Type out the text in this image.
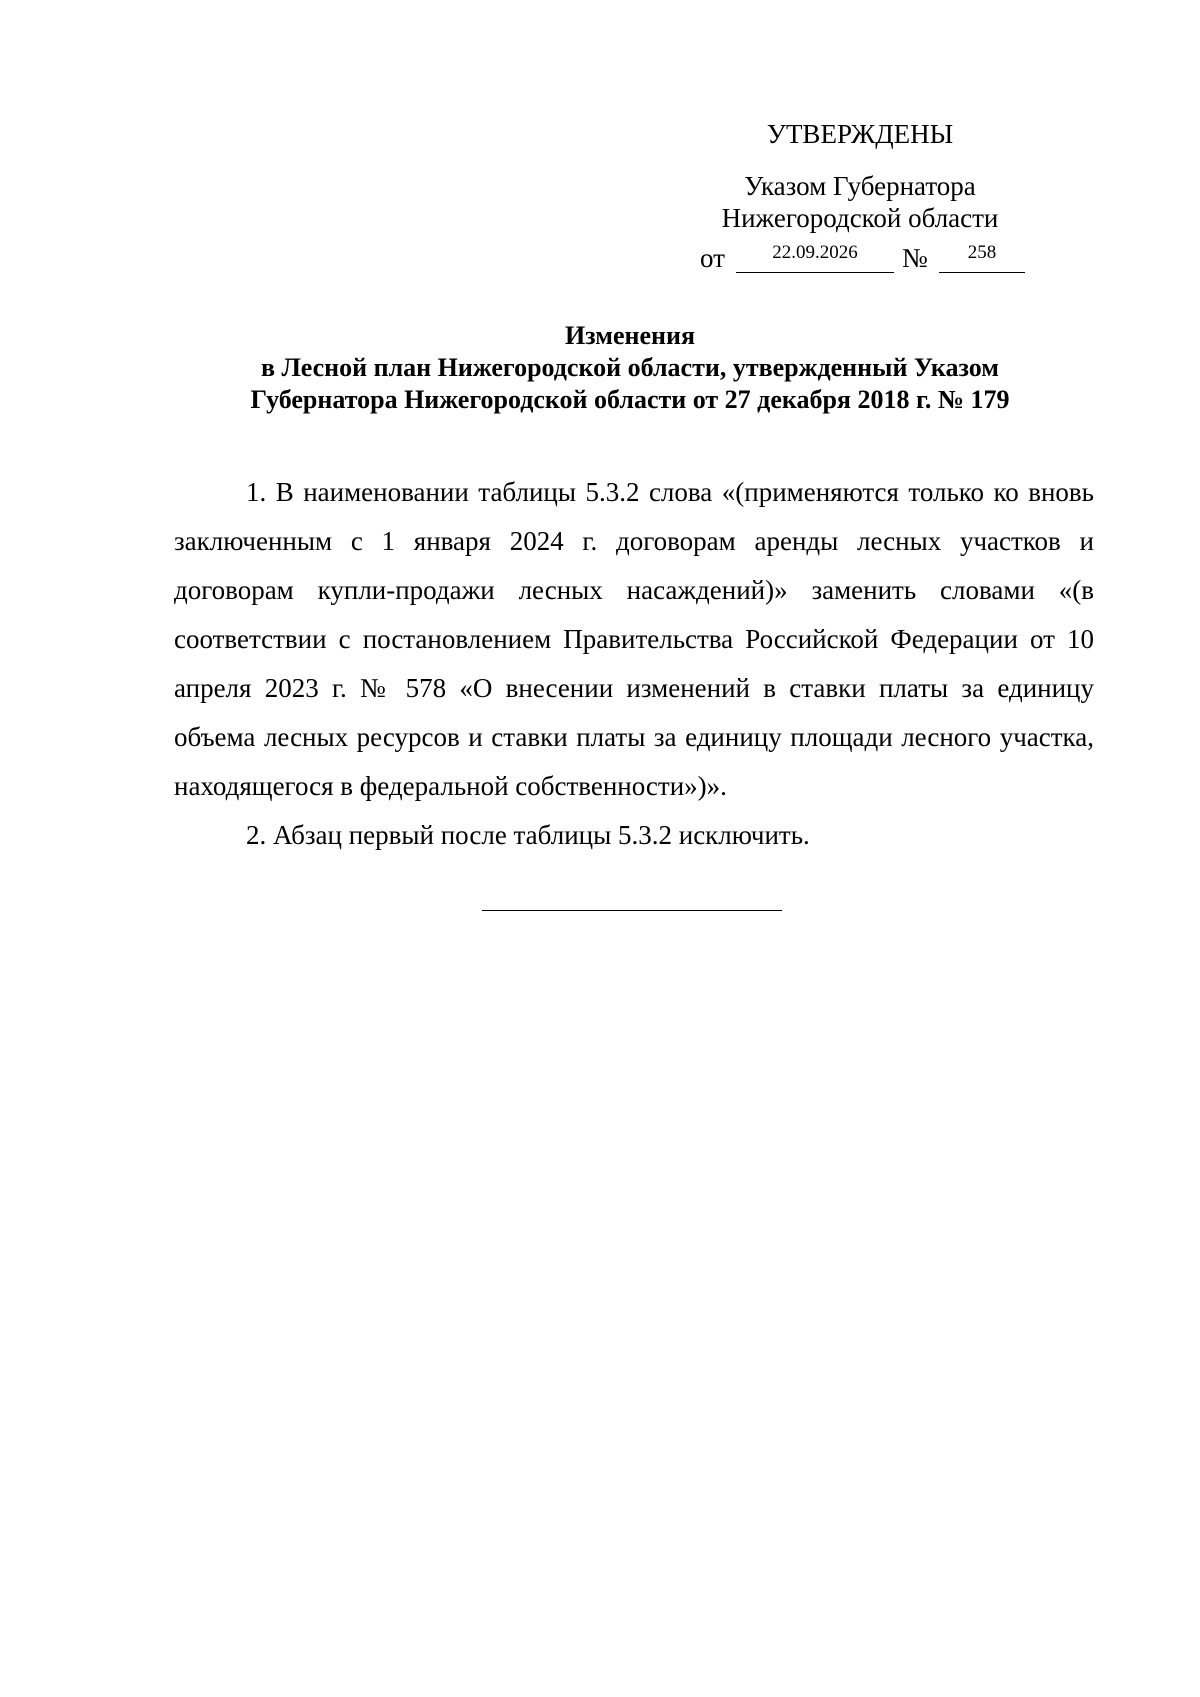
УТВЕРЖДЕНЫ
Указом Губернатора
Нижегородской области
от	22.09.2026	№	258
Изменения
в Лесной план Нижегородской области, утвержденный Указом
Губернатора Нижегородской области от 27 декабря 2018 г. № 179

1. В наименовании таблицы 5.3.2 слова «(применяются только ко вновь заключенным с 1 января 2024 г. договорам аренды лесных участков и договорам купли-продажи лесных насаждений)» заменить словами «(в соответствии с постановлением Правительства Российской Федерации от 10 апреля 2023 г. № 578 «О внесении изменений в ставки платы за единицу объема лесных ресурсов и ставки платы за единицу площади лесного участка, находящегося в федеральной собственности»)».

2. Абзац первый после таблицы 5.3.2 исключить.
